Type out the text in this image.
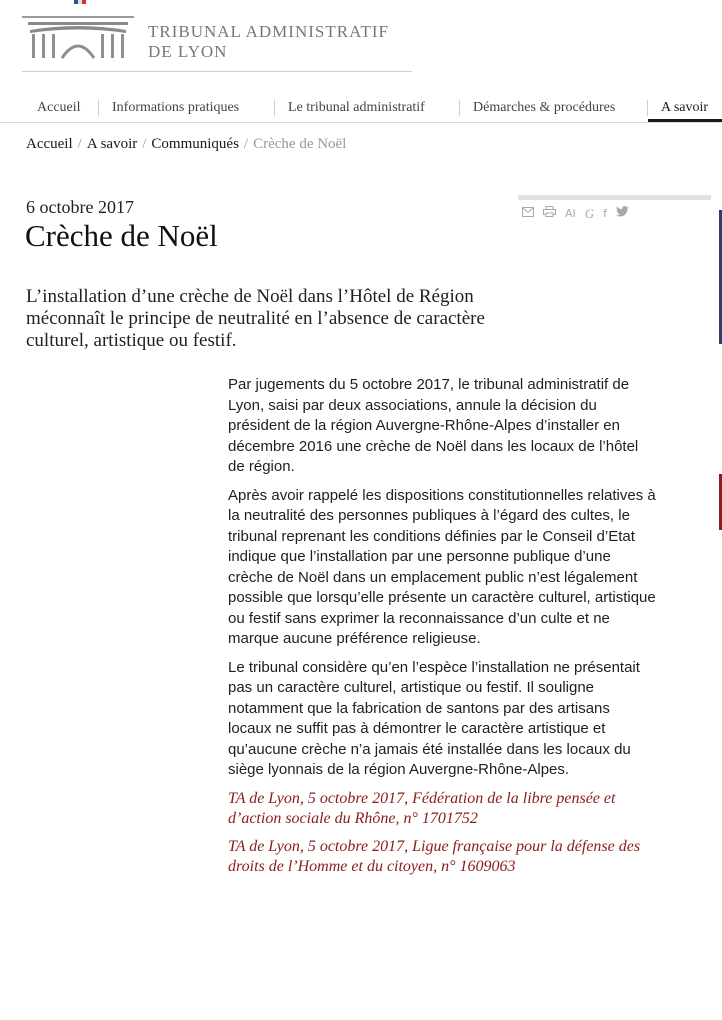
TRIBUNAL ADMINISTRATIF
DE LYON
Accueil Informations pratiques	Le tribunal administratif	Démarches & procédures	A savoir
Accueil / A savoir / Communiqués / Crèche de Noël
AI G f
6 octobre 2017
Crèche de Noël

L’installation d’une crèche de Noël dans l’Hôtel de Région méconnaît le principe de neutralité en l’absence de caractère culturel, artistique ou festif.

Par jugements du 5 octobre 2017, le tribunal administratif de Lyon, saisi par deux associations, annule la décision du président de la région Auvergne-Rhône-Alpes d’installer en décembre 2016 une crèche de Noël dans les locaux de l’hôtel de région.

Après avoir rappelé les dispositions constitutionnelles relatives à la neutralité des personnes publiques à l’égard des cultes, le tribunal reprenant les conditions définies par le Conseil d’Etat indique que l’installation par une personne publique d’une crèche de Noël dans un emplacement public n’est légalement possible que lorsqu’elle présente un caractère culturel, artistique ou festif sans exprimer la reconnaissance d’un culte et ne marque aucune préférence religieuse.

Le tribunal considère qu’en l’espèce l’installation ne présentait pas un caractère culturel, artistique ou festif. Il souligne notamment que la fabrication de santons par des artisans locaux ne suffit pas à démontrer le caractère artistique et qu’aucune crèche n’a jamais été installée dans les locaux du siège lyonnais de la région Auvergne-Rhône-Alpes.

TA de Lyon, 5 octobre 2017, Fédération de la libre pensée et d’action sociale du Rhône, n° 1701752

TA de Lyon, 5 octobre 2017, Ligue française pour la défense des droits de l’Homme et du citoyen, n° 1609063
